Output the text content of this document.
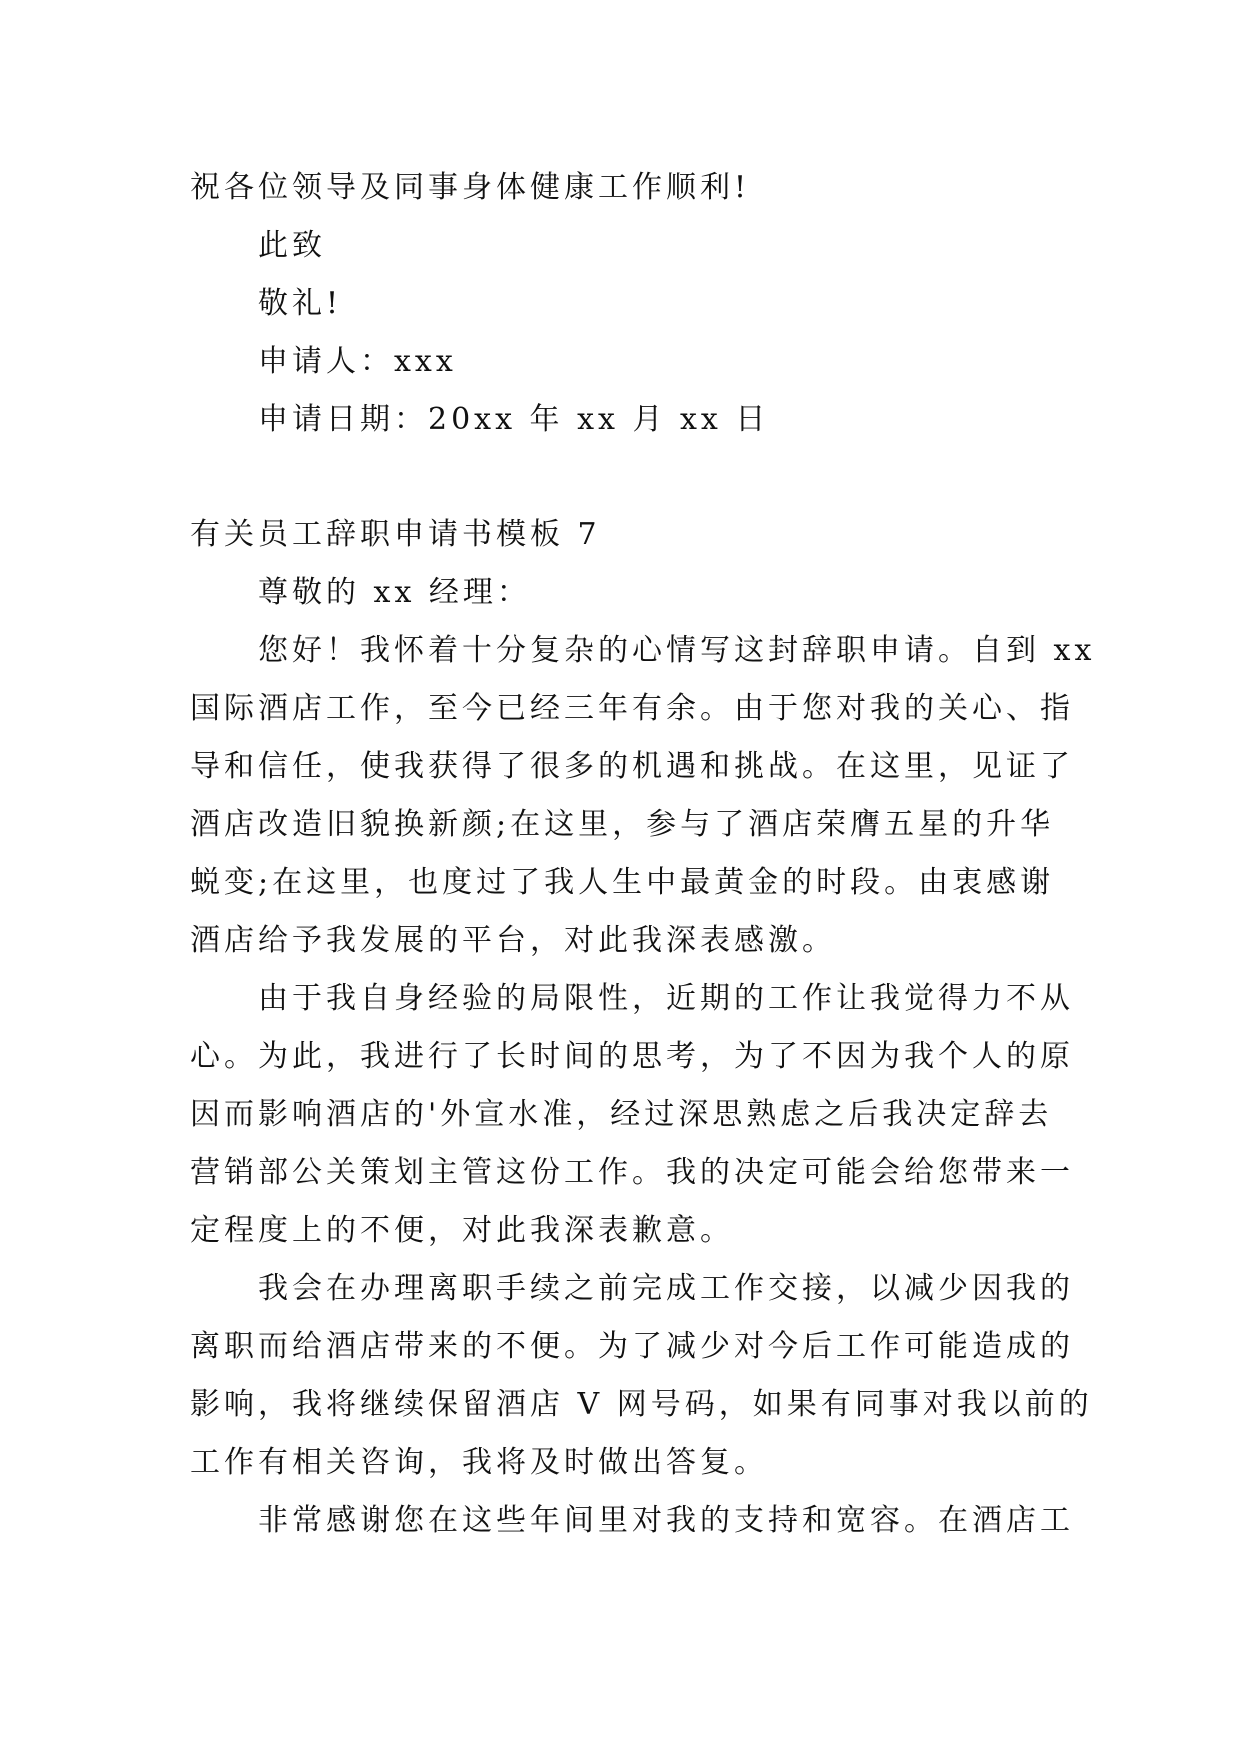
祝各位领导及同事身体健康工作顺利!
此致
敬礼!
申请人：xxx
申请日期：20xx 年 xx 月 xx 日
有关员工辞职申请书模板 7
尊敬的 xx 经理：
您好！我怀着十分复杂的心情写这封辞职申请。自到 xx
国际酒店工作，至今已经三年有余。由于您对我的关心、指
导和信任，使我获得了很多的机遇和挑战。在这里，见证了
酒店改造旧貌换新颜;在这里，参与了酒店荣膺五星的升华
蜕变;在这里，也度过了我人生中最黄金的时段。由衷感谢
酒店给予我发展的平台，对此我深表感激。
由于我自身经验的局限性，近期的工作让我觉得力不从
心。为此，我进行了长时间的思考，为了不因为我个人的原
因而影响酒店的'外宣水准，经过深思熟虑之后我决定辞去
营销部公关策划主管这份工作。我的决定可能会给您带来一
定程度上的不便，对此我深表歉意。
我会在办理离职手续之前完成工作交接，以减少因我的
离职而给酒店带来的不便。为了减少对今后工作可能造成的
影响，我将继续保留酒店 V 网号码，如果有同事对我以前的
工作有相关咨询，我将及时做出答复。
非常感谢您在这些年间里对我的支持和宽容。在酒店工
